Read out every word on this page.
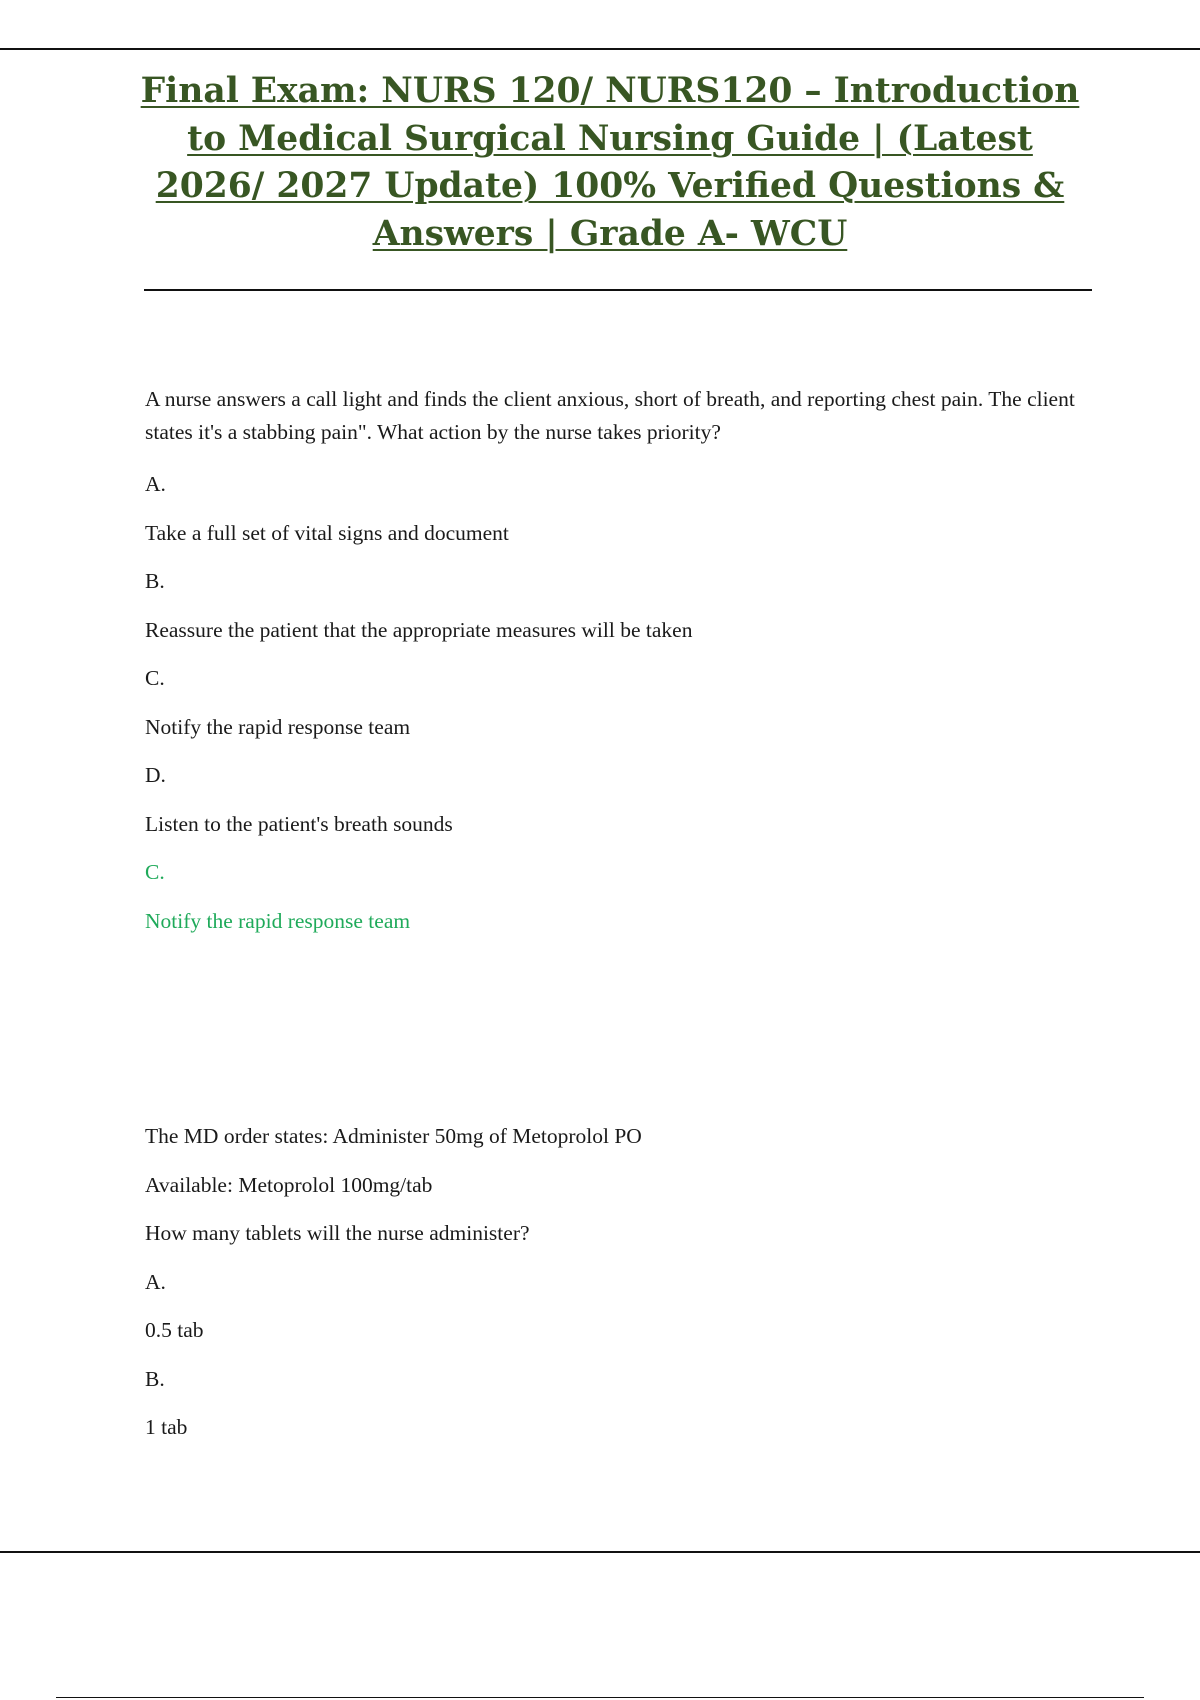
Final Exam: NURS 120/ NURS120 – Introduction to Medical Surgical Nursing Guide | (Latest 2026/ 2027 Update) 100% Verified Questions & Answers | Grade A- WCU

A nurse answers a call light and finds the client anxious, short of breath, and reporting chest pain. The client states it's a stabbing pain". What action by the nurse takes priority?

A.

Take a full set of vital signs and document

B.

Reassure the patient that the appropriate measures will be taken

C.

Notify the rapid response team

D.

Listen to the patient's breath sounds

C.

Notify the rapid response team

The MD order states: Administer 50mg of Metoprolol PO

Available: Metoprolol 100mg/tab

How many tablets will the nurse administer?

A.

0.5 tab

B.

1 tab
